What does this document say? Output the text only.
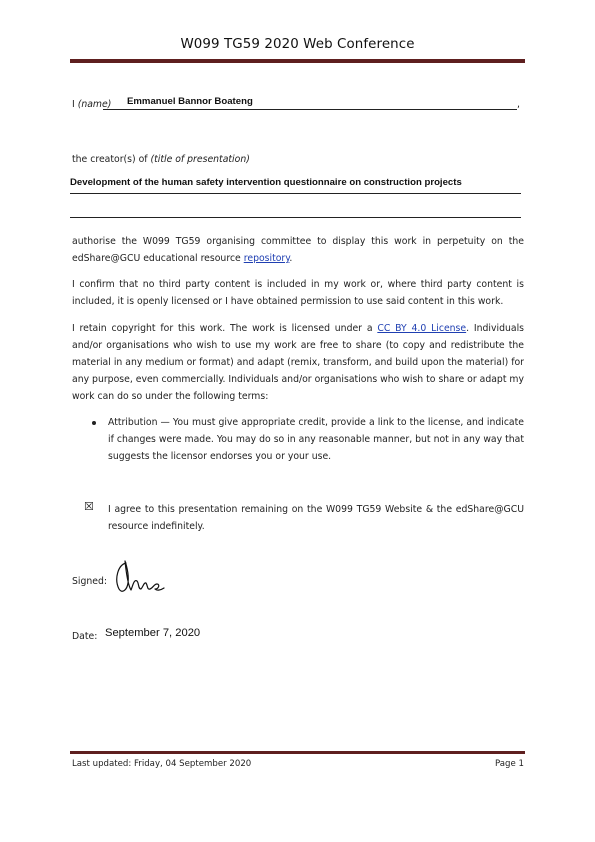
W099 TG59 2020 Web Conference
I (name) Emmanuel Bannor Boateng	,
the creator(s) of (title of presentation)
Development of the human safety intervention questionnaire on construction projects
authorise the W099 TG59 organising committee to display this work in perpetuity on the edShare@GCU educational resource repository.
I confirm that no third party content is included in my work or, where third party content is included, it is openly licensed or I have obtained permission to use said content in this work.
I retain copyright for this work. The work is licensed under a CC BY 4.0 License. Individuals and/or organisations who wish to use my work are free to share (to copy and redistribute the material in any medium or format) and adapt (remix, transform, and build upon the material) for any purpose, even commercially. Individuals and/or organisations who wish to share or adapt my work can do so under the following terms:
Attribution — You must give appropriate credit, provide a link to the license, and indicate if changes were made. You may do so in any reasonable manner, but not in any way that suggests the licensor endorses you or your use.
☒ I agree to this presentation remaining on the W099 TG59 Website & the edShare@GCU resource indefinitely.
Signed:
Date: September 7, 2020
Last updated: Friday, 04 September 2020	Page 1
